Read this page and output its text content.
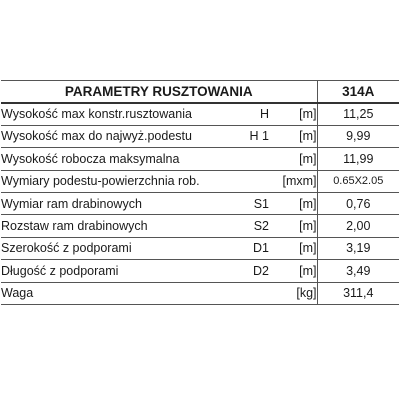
PARAMETRY RUSZTOWANIA			314A
Wysokość max konstr.rusztowania	H	[m]	11,25
Wysokość max do najwyż.podestu	H 1	[m]	9,99
Wysokość robocza maksymalna		[m]	11,99
Wymiary podestu-powierzchnia rob.		[mxm]	0.65X2.05
Wymiar ram drabinowych	S1	[m]	0,76
Rozstaw ram drabinowych	S2	[m]	2,00
Szerokość z podporami	D1	[m]	3,19
Długość z podporami	D2	[m]	3,49
Waga		[kg]	311,4
